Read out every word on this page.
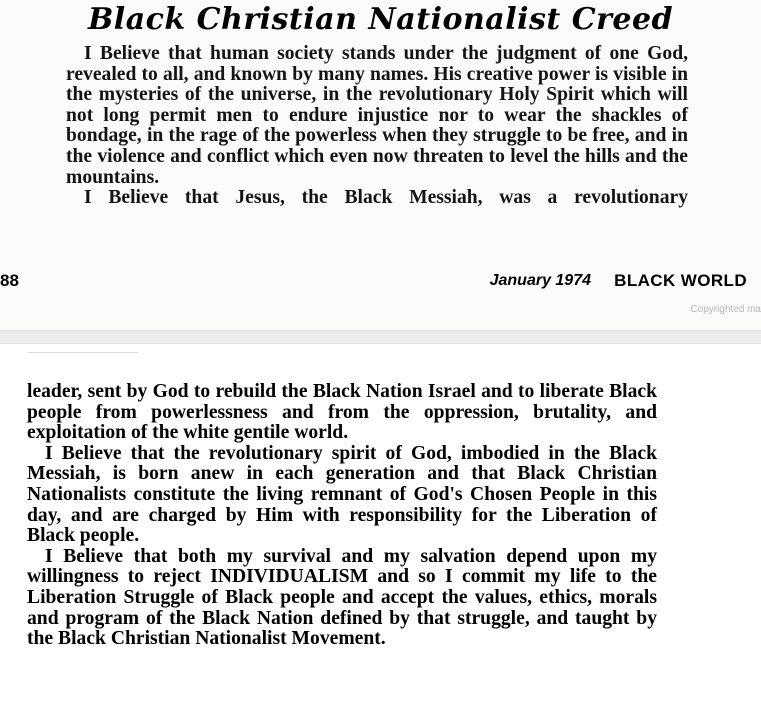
Black Christian Nationalist Creed

I Believe that human society stands under the judgment of one God, revealed to all, and known by many names. His creative power is visible in the mysteries of the universe, in the revolutionary Holy Spirit which will not long permit men to endure injustice nor to wear the shackles of bondage, in the rage of the powerless when they struggle to be free, and in the violence and conflict which even now threaten to level the hills and the mountains.

I Believe that Jesus, the Black Messiah, was a revolutionary

88	January 1974 BLACK WORLD
Copyrighted ma

leader, sent by God to rebuild the Black Nation Israel and to liberate Black people from powerlessness and from the oppression, brutality, and exploitation of the white gentile world.

I Believe that the revolutionary spirit of God, imbodied in the Black Messiah, is born anew in each generation and that Black Christian Nationalists constitute the living remnant of God's Chosen People in this day, and are charged by Him with responsibility for the Liberation of Black people.

I Believe that both my survival and my salvation depend upon my willingness to reject INDIVIDUALISM and so I commit my life to the Liberation Struggle of Black people and accept the values, ethics, morals and program of the Black Nation defined by that struggle, and taught by the Black Christian Nationalist Movement.
